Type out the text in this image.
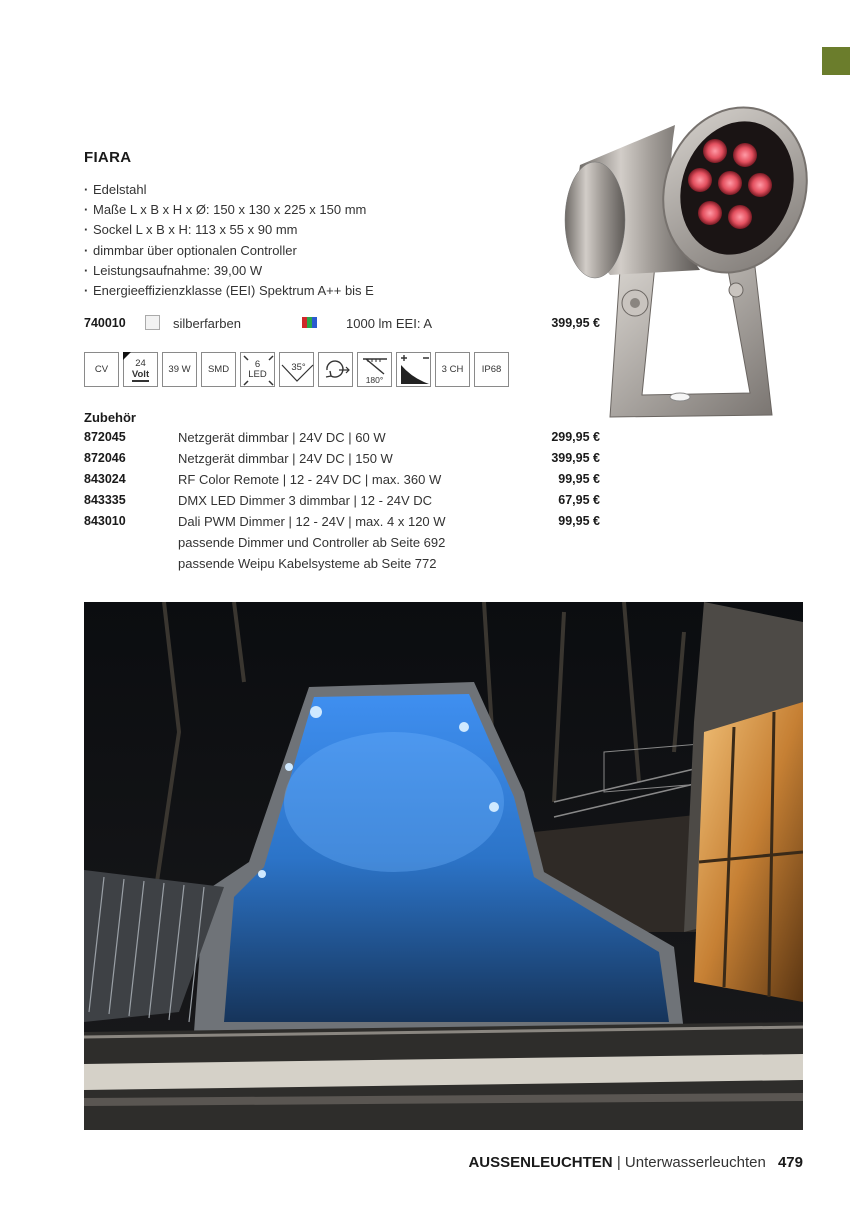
FIARA
· Edelstahl
· Maße L x B x H x Ø: 150 x 130 x 225 x 150 mm
· Sockel L x B x H: 113 x 55 x 90 mm
· dimmbar über optionalen Controller
· Leistungsaufnahme: 39,00 W
· Energieeffizienzklasse (EEI) Spektrum A++ bis E
740010	silberfarben	1000 lm EEI: A	399,95 €
CV
24
Volt 39 W SMD	6
LED
35°
180°
3 CH IP68
Zubehör
872045	Netzgerät dimmbar | 24V DC | 60 W	299,95 €
872046	Netzgerät dimmbar | 24V DC | 150 W	399,95 €
843024	RF Color Remote | 12 - 24V DC | max. 360 W	99,95 €
843335	DMX LED Dimmer 3 dimmbar | 12 - 24V DC	67,95 €
843010	Dali PWM Dimmer | 12 - 24V | max. 4 x 120 W	99,95 €
passende Dimmer und Controller ab Seite 692
passende Weipu Kabelsysteme ab Seite 772
AUSSENLEUCHTEN | Unterwasserleuchten 479
